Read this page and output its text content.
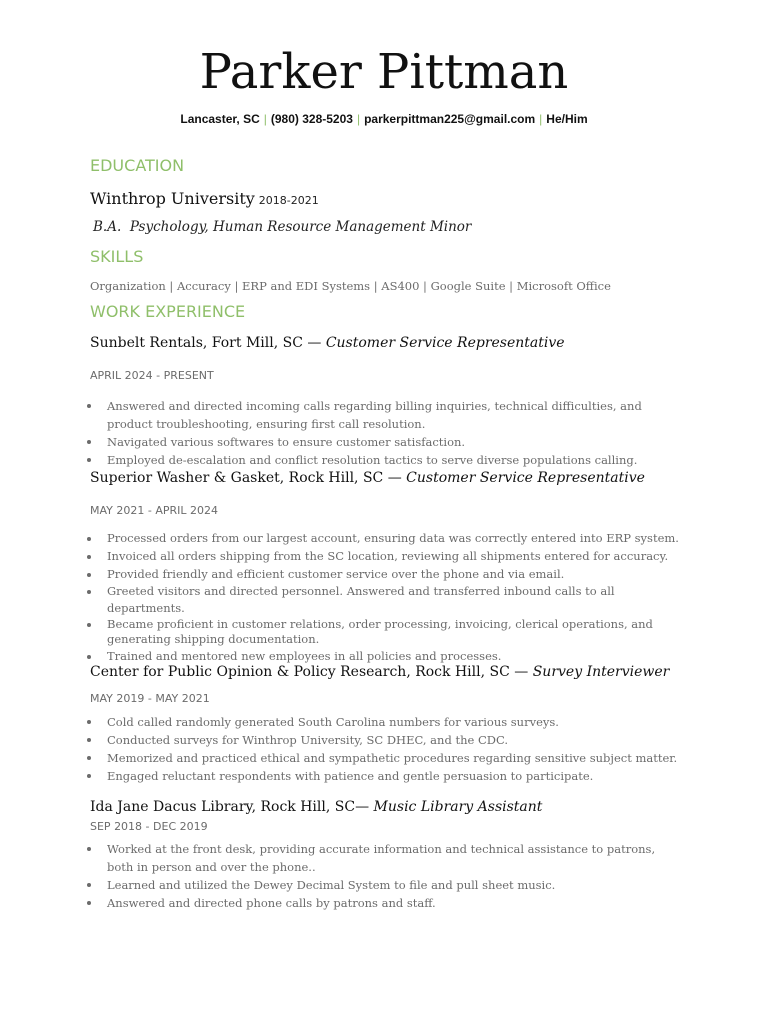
Parker Pittman
Lancaster, SC | (980) 328-5203 | parkerpittman225@gmail.com | He/Him
EDUCATION
Winthrop University 2018-2021
B.A.  Psychology, Human Resource Management Minor
SKILLS
Organization | Accuracy | ERP and EDI Systems | AS400 | Google Suite | Microsoft Office
WORK EXPERIENCE
Sunbelt Rentals, Fort Mill, SC — Customer Service Representative
APRIL 2024 - PRESENT
Answered and directed incoming calls regarding billing inquiries, technical difficulties, and product troubleshooting, ensuring first call resolution.
Navigated various softwares to ensure customer satisfaction.
Employed de-escalation and conflict resolution tactics to serve diverse populations calling.
Superior Washer & Gasket, Rock Hill, SC — Customer Service Representative
MAY 2021 - APRIL 2024
Processed orders from our largest account, ensuring data was correctly entered into ERP system.
Invoiced all orders shipping from the SC location, reviewing all shipments entered for accuracy.
Provided friendly and efficient customer service over the phone and via email.
Greeted visitors and directed personnel. Answered and transferred inbound calls to all departments.
Became proficient in customer relations, order processing, invoicing, clerical operations, and generating shipping documentation.
Trained and mentored new employees in all policies and processes.
Center for Public Opinion & Policy Research, Rock Hill, SC — Survey Interviewer
MAY 2019 - MAY 2021
Cold called randomly generated South Carolina numbers for various surveys.
Conducted surveys for Winthrop University, SC DHEC, and the CDC.
Memorized and practiced ethical and sympathetic procedures regarding sensitive subject matter.
Engaged reluctant respondents with patience and gentle persuasion to participate.
Ida Jane Dacus Library, Rock Hill, SC— Music Library Assistant
SEP 2018 - DEC 2019
Worked at the front desk, providing accurate information and technical assistance to patrons, both in person and over the phone..
Learned and utilized the Dewey Decimal System to file and pull sheet music.
Answered and directed phone calls by patrons and staff.
